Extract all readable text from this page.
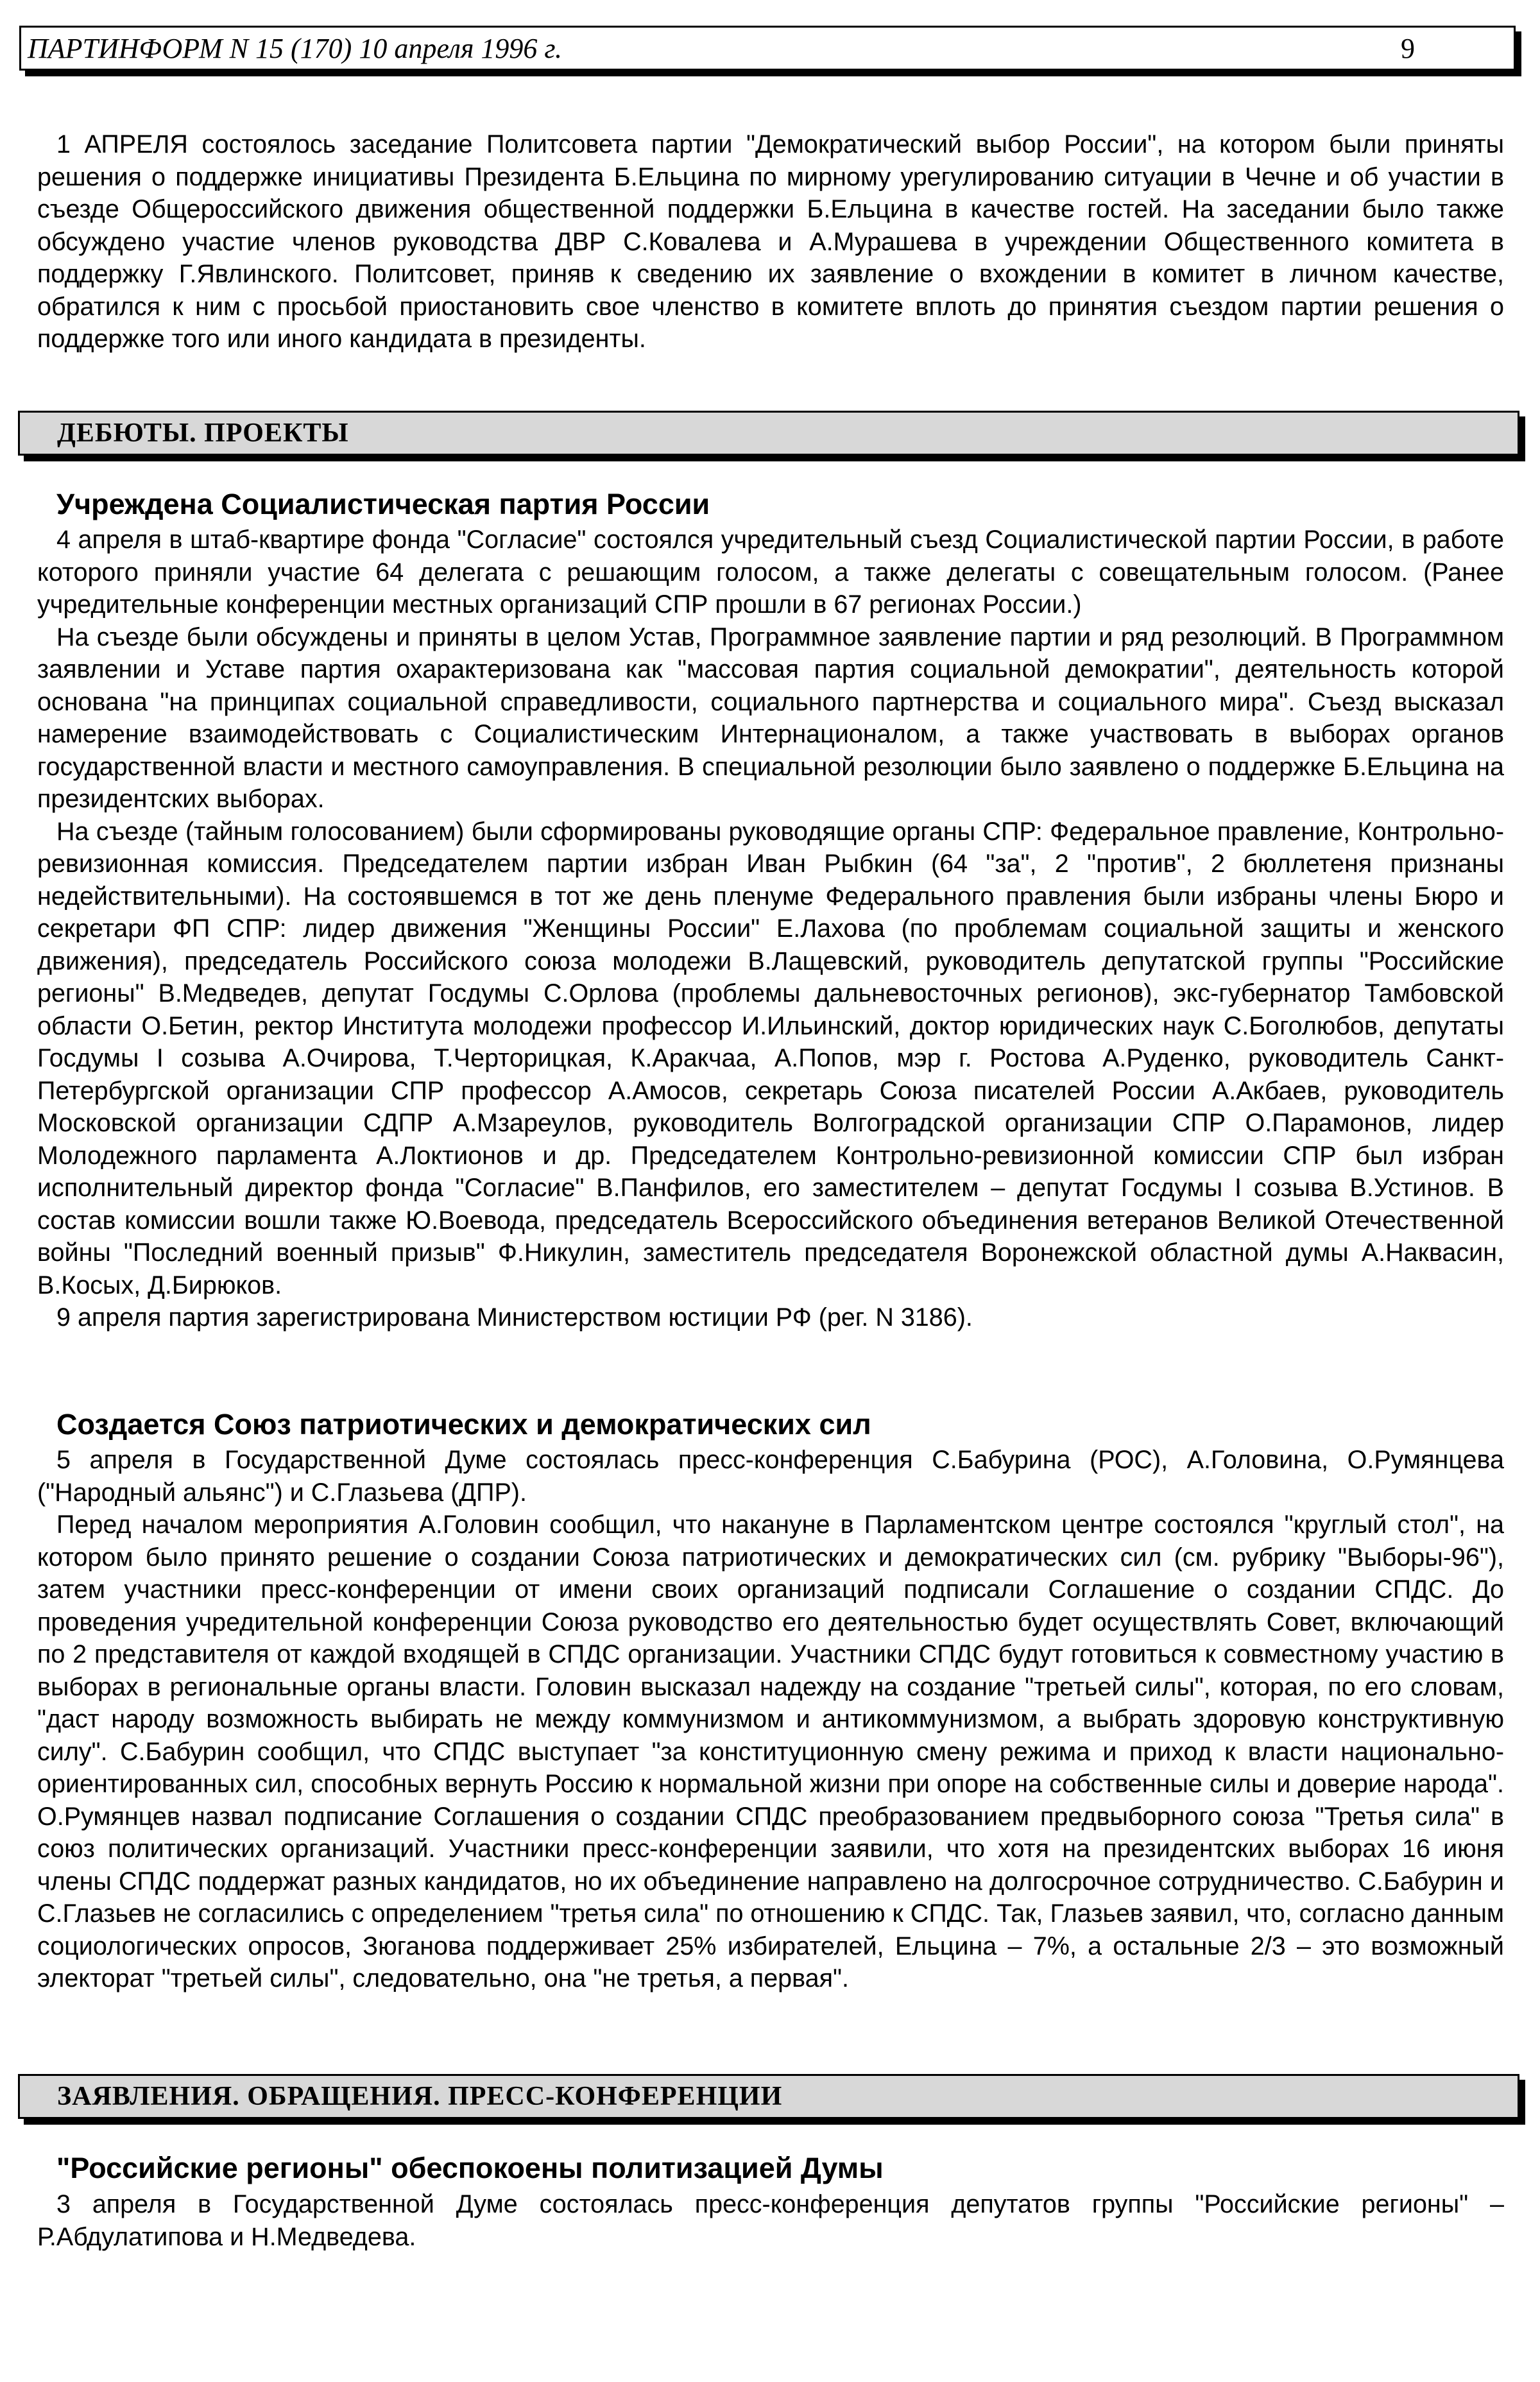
ПАРТИНФОРМ N 15 (170) 10 апреля 1996 г.	9

1 АПРЕЛЯ состоялось заседание Политсовета партии "Демократический выбор России", на котором были приняты решения о поддержке инициативы Президента Б.Ельцина по мирному урегулированию ситуации в Чечне и об участии в съезде Общероссийского движения общественной поддержки Б.Ельцина в качестве гостей. На заседании было также обсуждено участие членов руководства ДВР С.Ковалева и А.Мурашева в учреждении Общественного комитета в поддержку Г.Явлинского. Политсовет, приняв к сведению их заявление о вхождении в комитет в личном качестве, обратился к ним с просьбой приостановить свое членство в комитете вплоть до принятия съездом партии решения о поддержке того или иного кандидата в президенты.

ДЕБЮТЫ. ПРОЕКТЫ
Учреждена Социалистическая партия России

4 апреля в штаб-квартире фонда "Согласие" состоялся учредительный съезд Социалистической партии России, в работе которого приняли участие 64 делегата с решающим голосом, а также делегаты с совещательным голосом. (Ранее учредительные конференции местных организаций СПР прошли в 67 регионах России.)

На съезде были обсуждены и приняты в целом Устав, Программное заявление партии и ряд резолюций. В Программном заявлении и Уставе партия охарактеризована как "массовая партия социальной демократии", деятельность которой основана "на принципах социальной справедливости, социального партнерства и социального мира". Съезд высказал намерение взаимодействовать с Социалистическим Интернационалом, а также участвовать в выборах органов государственной власти и местного самоуправления. В специальной резолюции было заявлено о поддержке Б.Ельцина на президентских выборах.

На съезде (тайным голосованием) были сформированы руководящие органы СПР: Федеральное правление, Контрольно-ревизионная комиссия. Председателем партии избран Иван Рыбкин (64 "за", 2 "против", 2 бюллетеня признаны недействительными). На состоявшемся в тот же день пленуме Федерального правления были избраны члены Бюро и секретари ФП СПР: лидер движения "Женщины России" Е.Лахова (по проблемам социальной защиты и женского движения), председатель Российского союза молодежи В.Лащевский, руководитель депутатской группы "Российские регионы" В.Медведев, депутат Госдумы С.Орлова (проблемы дальневосточных регионов), экс-губернатор Тамбовской области О.Бетин, ректор Института молодежи профессор И.Ильинский, доктор юридических наук С.Боголюбов, депутаты Госдумы I созыва А.Очирова, Т.Черторицкая, К.Аракчаа, А.Попов, мэр г. Ростова А.Руденко, руководитель Санкт-Петербургской организации СПР профессор А.Амосов, секретарь Союза писателей России А.Акбаев, руководитель Московской организации СДПР А.Мзареулов, руководитель Волгоградской организации СПР О.Парамонов, лидер Молодежного парламента А.Локтионов и др. Председателем Контрольно-ревизионной комиссии СПР был избран исполнительный директор фонда "Согласие" В.Панфилов, его заместителем – депутат Госдумы I созыва В.Устинов. В состав комиссии вошли также Ю.Воевода, председатель Всероссийского объединения ветеранов Великой Отечественной войны "Последний военный призыв" Ф.Никулин, заместитель председателя Воронежской областной думы А.Наквасин, В.Косых, Д.Бирюков.

9 апреля партия зарегистрирована Министерством юстиции РФ (рег. N 3186).

Создается Союз патриотических и демократических сил

5 апреля в Государственной Думе состоялась пресс-конференция С.Бабурина (РОС), А.Головина, О.Румянцева ("Народный альянс") и С.Глазьева (ДПР).

Перед началом мероприятия А.Головин сообщил, что накануне в Парламентском центре состоялся "круглый стол", на котором было принято решение о создании Союза патриотических и демократических сил (см. рубрику "Выборы-96"), затем участники пресс-конференции от имени своих организаций подписали Соглашение о создании СПДС. До проведения учредительной конференции Союза руководство его деятельностью будет осуществлять Совет, включающий по 2 представителя от каждой входящей в СПДС организации. Участники СПДС будут готовиться к совместному участию в выборах в региональные органы власти. Головин высказал надежду на создание "третьей силы", которая, по его словам, "даст народу возможность выбирать не между коммунизмом и антикоммунизмом, а выбрать здоровую конструктивную силу". С.Бабурин сообщил, что СПДС выступает "за конституционную смену режима и приход к власти национально-ориентированных сил, способных вернуть Россию к нормальной жизни при опоре на собственные силы и доверие народа". О.Румянцев назвал подписание Соглашения о создании СПДС преобразованием предвыборного союза "Третья сила" в союз политических организаций. Участники пресс-конференции заявили, что хотя на президентских выборах 16 июня члены СПДС поддержат разных кандидатов, но их объединение направлено на долгосрочное сотрудничество. С.Бабурин и С.Глазьев не согласились с определением "третья сила" по отношению к СПДС. Так, Глазьев заявил, что, согласно данным социологических опросов, Зюганова поддерживает 25% избирателей, Ельцина – 7%, а остальные 2/3 – это возможный электорат "третьей силы", следовательно, она "не третья, а первая".

ЗАЯВЛЕНИЯ. ОБРАЩЕНИЯ. ПРЕСС-КОНФЕРЕНЦИИ
"Российские регионы" обеспокоены политизацией Думы

3 апреля в Государственной Думе состоялась пресс-конференция депутатов группы "Российские регионы" – Р.Абдулатипова и Н.Медведева.
